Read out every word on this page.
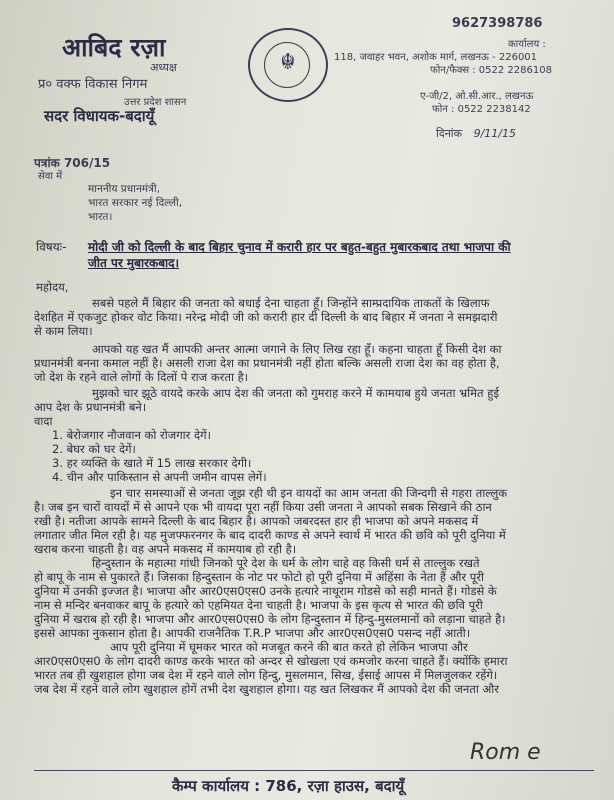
आबिद रज़ा
अध्यक्ष
प्र० वक्फ विकास निगम
उत्तर प्रदेश शासन
सदर विधायक-बदायूँ
☬
9627398786
कार्यालय :
118, जवाहर भवन, अशोक मार्ग, लखनऊ - 226001
फोन/फैक्स : 0522 2286108
ए-जी/2, ओ.सी.आर., लखनऊ
फोन : 0522 2238142
दिनांक 9/11/15
पत्रांक 706/15
सेवा में
माननीय प्रधानमंत्री,
भारत सरकार नई दिल्ली,
भारत।
विषयः- मोदी जी को दिल्ली के बाद बिहार चुनाव में करारी हार पर बहुत-बहुत मुबारकबाद तथा भाजपा की
जीत पर मुबारकबाद।
महोदय,
सबसे पहले मैं बिहार की जनता को बधाई देना चाहता हूँ। जिन्होंने साम्प्रदायिक ताकतों के खिलाफ
देशहित में एकजुट होकर वोट किया। नरेन्द्र मोदी जी को करारी हार दी दिल्ली के बाद बिहार में जनता ने समझदारी
से काम लिया।
आपको यह खत मैं आपकी अन्तर आत्मा जगाने के लिए लिख रहा हूँ। कहना चाहता हूँ किसी देश का
प्रधानमंत्री बनना कमाल नहीं है। असली राजा देश का प्रधानमंत्री नहीं होता बल्कि असली राजा देश का वह होता है,
जो देश के रहने वाले लोगों के दिलों पे राज करता है।
मुझको चार झूठे वायदे करके आप देश की जनता को गुमराह करने में कामयाब हुये जनता भ्रमित हुई
आप देश के प्रधानमंत्री बने।
वादा
1. बेरोजगार नौजवान को रोजगार देगें।
2. बेघर को घर देगें।
3. हर व्यक्ति के खाते में 15 लाख सरकार देगी।
4. चीन और पाकिस्तान से अपनी जमीन वापस लेगें।
इन चार समस्याओं से जनता जूझ रही थी इन वायदों का आम जनता की जिन्दगी से गहरा ताल्लुक
है। जब इन चारों वायदों में से आपने एक भी वायदा पूरा नहीं किया उसी जनता ने आपको सबक सिखाने की ठान
रखी है। नतीजा आपके सामने दिल्ली के बाद बिहार है। आपको जबरदस्त हार ही भाजपा को अपने मकसद में
लगातार जीत मिल रही है। यह मुजफ्फरनगर के बाद दादरी काण्ड से अपने स्वार्थ में भारत की छवि को पूरी दुनिया में
खराब करना चाहती है। वह अपने मकसद में कामयाब हो रही है।
हिन्दुस्तान के महात्मा गांधी जिनको पूरे देश के धर्म के लोग चाहे वह किसी धर्म से ताल्लुक रखते
हो बापू के नाम से पुकारते हैं। जिसका हिन्दुस्तान के नोट पर फोटो हो पूरी दुनिया में अहिंसा के नेता हैं और पूरी
दुनिया में उनकी इज्जत है। भाजपा और आर0एस0एस0 उनके हत्यारे नाथूराम गोडसे को सही मानते हैं। गोडसे के
नाम से मन्दिर बनवाकर बापू के हत्यारे को एहमियत देना चाहती है। भाजपा के इस कृत्य से भारत की छवि पूरी
दुनिया में खराब हो रही है। भाजपा और आर0एस0एस0 के लोग हिन्दुस्तान में हिन्दु-मुसलमानों को लड़ाना चाहते है।
इससे आपका नुकसान होता है। आपकी राजनैतिक T.R.P भाजपा और आर0एस0एस0 पसन्द नहीं आती।
आप पूरी दुनिया में घूमकर भारत को मजबूत करने की बात करते हो लेकिन भाजपा और
आर0एस0एस0 के लोग दादरी काण्ड करके भारत को अन्दर से खोखला एवं कमजोर करना चाहते हैं। क्योंकि हमारा
भारत तब ही खुशहाल होगा जब देश में रहने वाले लोग हिन्दु, मुसलमान, सिख, ईसाई आपस में मिलजुलकर रहेंगे।
जब देश में रहने वाले लोग खुशहाल होगें तभी देश खुशहाल होगा। यह खत लिखकर मैं आपको देश की जनता और
Rom e
कैम्प कार्यालय : 786, रज़ा हाउस, बदायूँ
